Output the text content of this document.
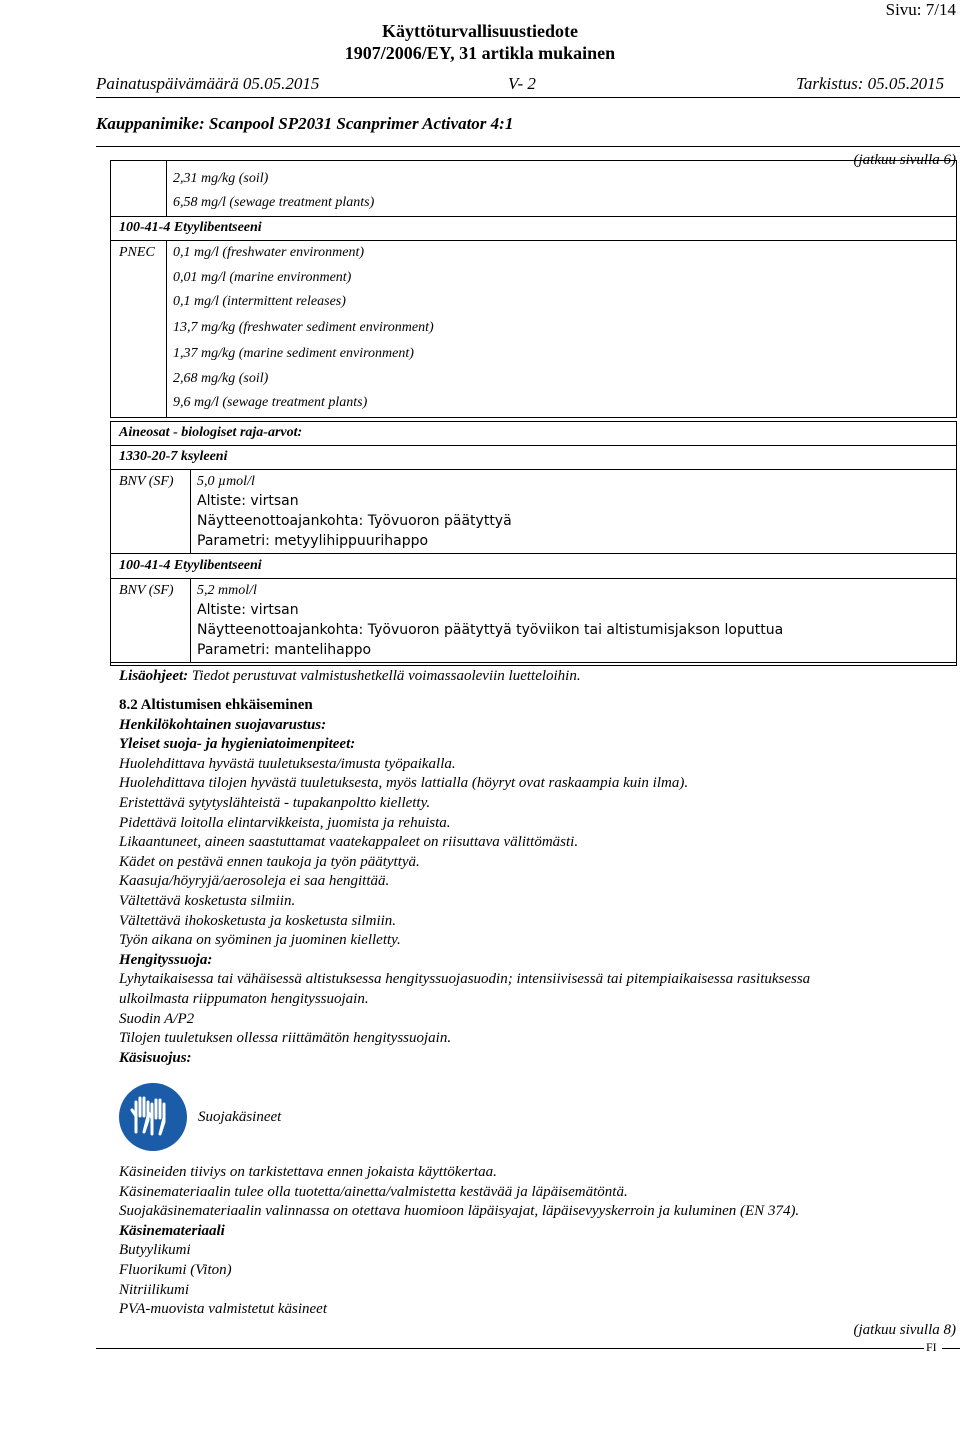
Käyttöturvallisuustiedote
1907/2006/EY, 31 artikla mukainen
Sivu: 7/14
Painatuspäivämäärä 05.05.2015	V- 2	Tarkistus: 05.05.2015
Kauppanimike: Scanpool SP2031 Scanprimer Activator 4:1
(jatkuu sivulla 6)
2,31 mg/kg (soil)
6,58 mg/l (sewage treatment plants)
100-41-4 Etyylibentseeni
PNEC 0,1 mg/l (freshwater environment)
0,01 mg/l (marine environment)
0,1 mg/l (intermittent releases)
13,7 mg/kg (freshwater sediment environment)
1,37 mg/kg (marine sediment environment)
2,68 mg/kg (soil)
9,6 mg/l (sewage treatment plants)
Aineosat - biologiset raja-arvot:
1330-20-7 ksyleeni
BNV (SF) 5,0 µmol/l
Altiste: virtsan
Näytteenottoajankohta: Työvuoron päätyttyä
Parametri: metyylihippuurihappo
100-41-4 Etyylibentseeni
BNV (SF) 5,2 mmol/l
Altiste: virtsan
Näytteenottoajankohta: Työvuoron päätyttyä työviikon tai altistumisjakson loputtua
Parametri: mantelihappo
Lisäohjeet: Tiedot perustuvat valmistushetkellä voimassaoleviin luetteloihin.
8.2 Altistumisen ehkäiseminen
Henkilökohtainen suojavarustus:
Yleiset suoja- ja hygieniatoimenpiteet:
Huolehdittava hyvästä tuuletuksesta/imusta työpaikalla.
Huolehdittava tilojen hyvästä tuuletuksesta, myös lattialla (höyryt ovat raskaampia kuin ilma).
Eristettävä sytytyslähteistä - tupakanpoltto kielletty.
Pidettävä loitolla elintarvikkeista, juomista ja rehuista.
Likaantuneet, aineen saastuttamat vaatekappaleet on riisuttava välittömästi.
Kädet on pestävä ennen taukoja ja työn päätyttyä.
Kaasuja/höyryjä/aerosoleja ei saa hengittää.
Vältettävä kosketusta silmiin.
Vältettävä ihokosketusta ja kosketusta silmiin.
Työn aikana on syöminen ja juominen kielletty.
Hengityssuoja:
Lyhytaikaisessa tai vähäisessä altistuksessa hengityssuojasuodin; intensiivisessä tai pitempiaikaisessa rasituksessa
ulkoilmasta riippumaton hengityssuojain.
Suodin A/P2
Tilojen tuuletuksen ollessa riittämätön hengityssuojain.
Käsisuojus:
Suojakäsineet
Käsineiden tiiviys on tarkistettava ennen jokaista käyttökertaa.
Käsinemateriaalin tulee olla tuotetta/ainetta/valmistetta kestävää ja läpäisemätöntä.
Suojakäsinemateriaalin valinnassa on otettava huomioon läpäisyajat, läpäisevyyskerroin ja kuluminen (EN 374).
Käsinemateriaali
Butyylikumi
Fluorikumi (Viton)
Nitriilikumi
PVA-muovista valmistetut käsineet
(jatkuu sivulla 8)
FI
